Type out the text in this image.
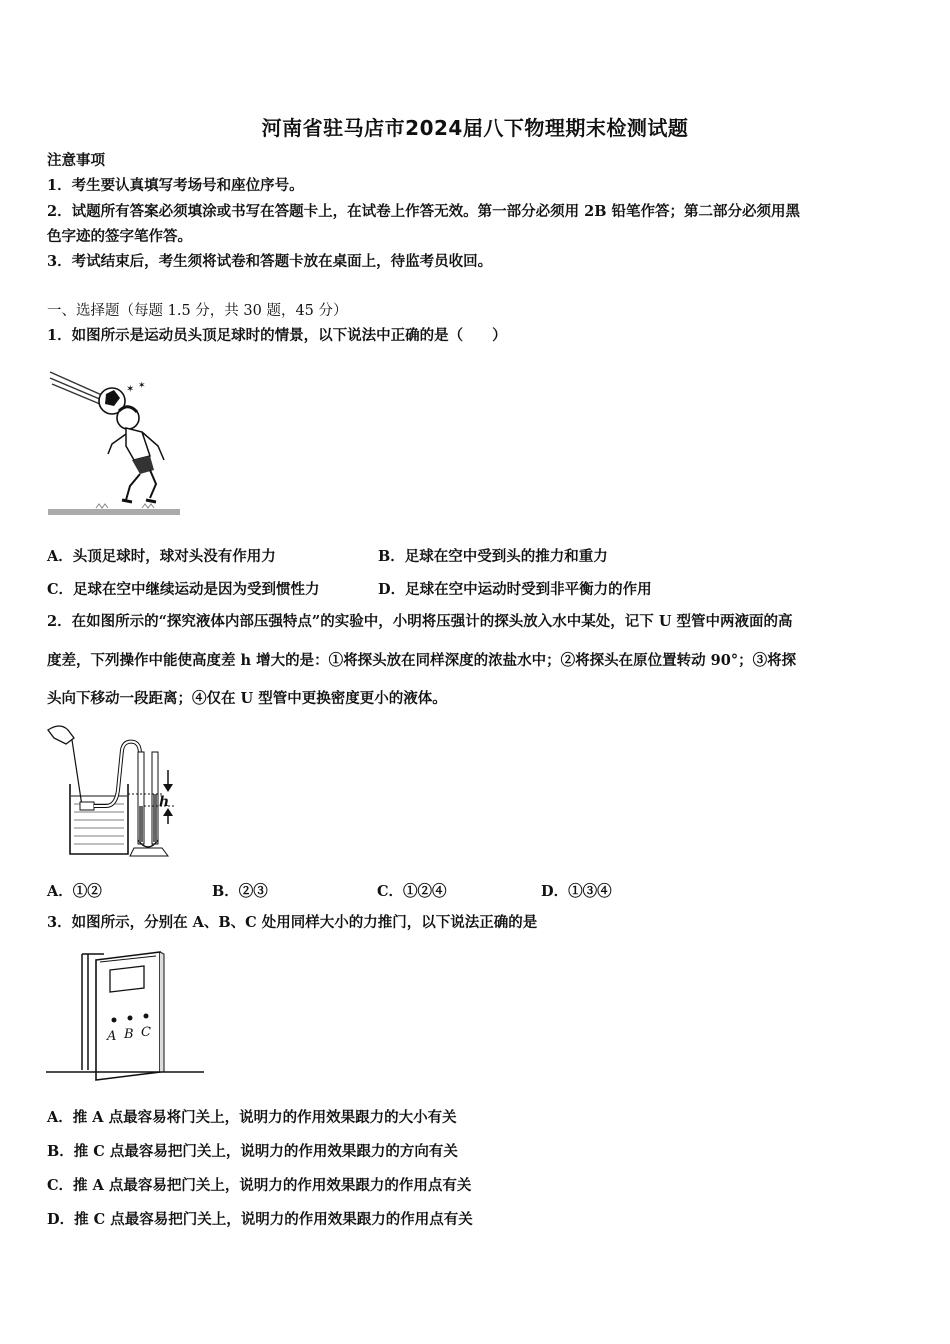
河南省驻马店市2024届八下物理期末检测试题
注意事项
1．考生要认真填写考场号和座位序号。
2．试题所有答案必须填涂或书写在答题卡上，在试卷上作答无效。第一部分必须用 2B 铅笔作答；第二部分必须用黑
色字迹的签字笔作答。
3．考试结束后，考生须将试卷和答题卡放在桌面上，待监考员收回。
一、选择题（每题 1.5 分，共 30 题，45 分）
1．如图所示是运动员头顶足球时的情景，以下说法中正确的是（　　）
✶ ✶
A．头顶足球时，球对头没有作用力	B．足球在空中受到头的推力和重力
C．足球在空中继续运动是因为受到惯性力	D．足球在空中运动时受到非平衡力的作用
2．在如图所示的“探究液体内部压强特点”的实验中，小明将压强计的探头放入水中某处，记下 U 型管中两液面的高
度差，下列操作中能使高度差 h 增大的是：①将探头放在同样深度的浓盐水中；②将探头在原位置转动 90°；③将探
头向下移动一段距离；④仅在 U 型管中更换密度更小的液体。
h
A．①②	B．②③	C．①②④	D．①③④
3．如图所示，分别在 A、B、C 处用同样大小的力推门，以下说法正确的是
A B C
A．推 A 点最容易将门关上，说明力的作用效果跟力的大小有关
B．推 C 点最容易把门关上，说明力的作用效果跟力的方向有关
C．推 A 点最容易把门关上，说明力的作用效果跟力的作用点有关
D．推 C 点最容易把门关上，说明力的作用效果跟力的作用点有关
